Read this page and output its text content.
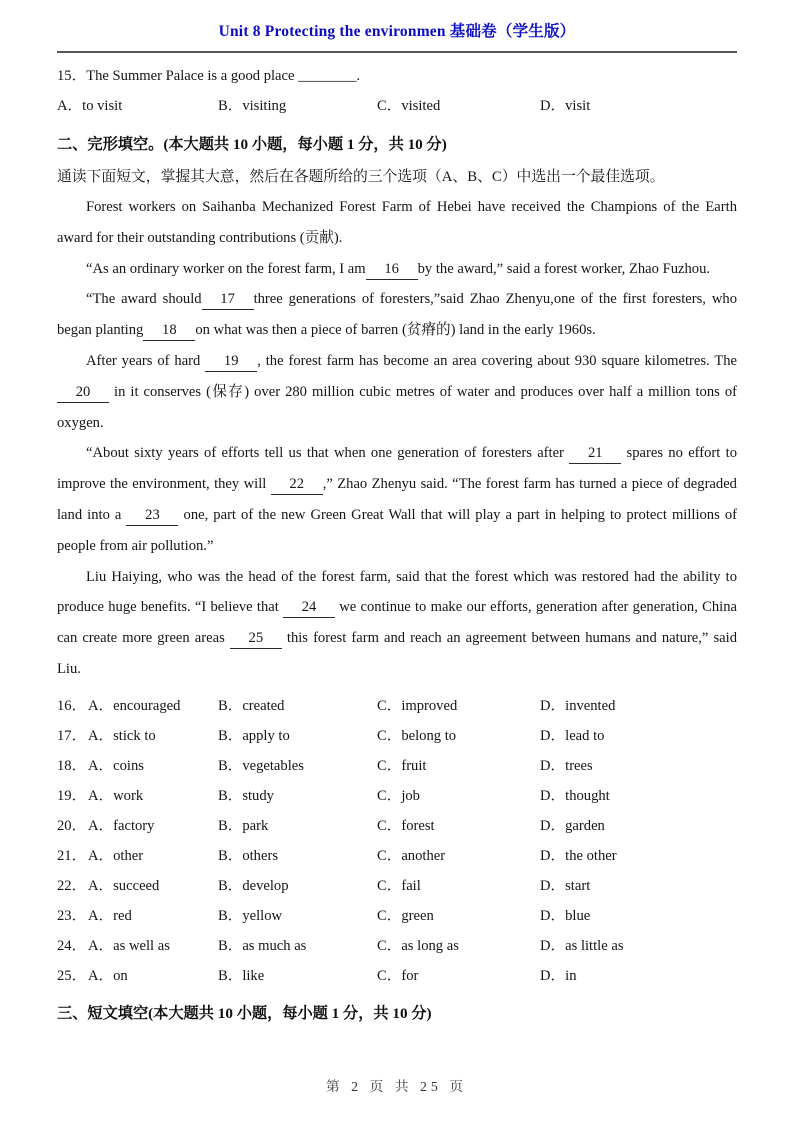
Unit 8 Protecting the environmen 基础卷（学生版）
15．The Summer Palace is a good place ________.
A．to visit	B．visiting	C．visited	D．visit
二、完形填空。(本大题共 10 小题，每小题 1 分，共 10 分)
通读下面短文，掌握其大意，然后在各题所给的三个选项（A、B、C）中选出一个最佳选项。

Forest workers on Saihanba Mechanized Forest Farm of Hebei have received the Champions of the Earth award for their outstanding contributions (贡献).

“As an ordinary worker on the forest farm, I am 16 by the award,” said a forest worker, Zhao Fuzhou.

“The award should 17 three generations of foresters,”said Zhao Zhenyu,one of the first foresters, who began planting 18 on what was then a piece of barren (贫瘠的) land in the early 1960s.

After years of hard 19 , the forest farm has become an area covering about 930 square kilometres. The 20 in it conserves (保存) over 280 million cubic metres of water and produces over half a million tons of oxygen.

“About sixty years of efforts tell us that when one generation of foresters after 21 spares no effort to improve the environment, they will 22 ,” Zhao Zhenyu said. “The forest farm has turned a piece of degraded land into a 23 one, part of the new Green Great Wall that will play a part in helping to protect millions of people from air pollution.”

Liu Haiying, who was the head of the forest farm, said that the forest which was restored had the ability to produce huge benefits. “I believe that 24 we continue to make our efforts, generation after generation, China can create more green areas 25 this forest farm and reach an agreement between humans and nature,” said Liu.

16． A．encouraged	B．created	C．improved	D．invented
17． A．stick to	B．apply to	C．belong to	D．lead to
18． A．coins	B．vegetables	C．fruit	D．trees
19． A．work	B．study	C．job	D．thought
20． A．factory	B．park	C．forest	D．garden
21． A．other	B．others	C．another	D．the other
22． A．succeed	B．develop	C．fail	D．start
23． A．red	B．yellow	C．green	D．blue
24． A．as well as	B．as much as	C．as long as	D．as little as
25． A．on	B．like	C．for	D．in
三、短文填空(本大题共 10 小题，每小题 1 分，共 10 分)
第 2 页 共 25 页
